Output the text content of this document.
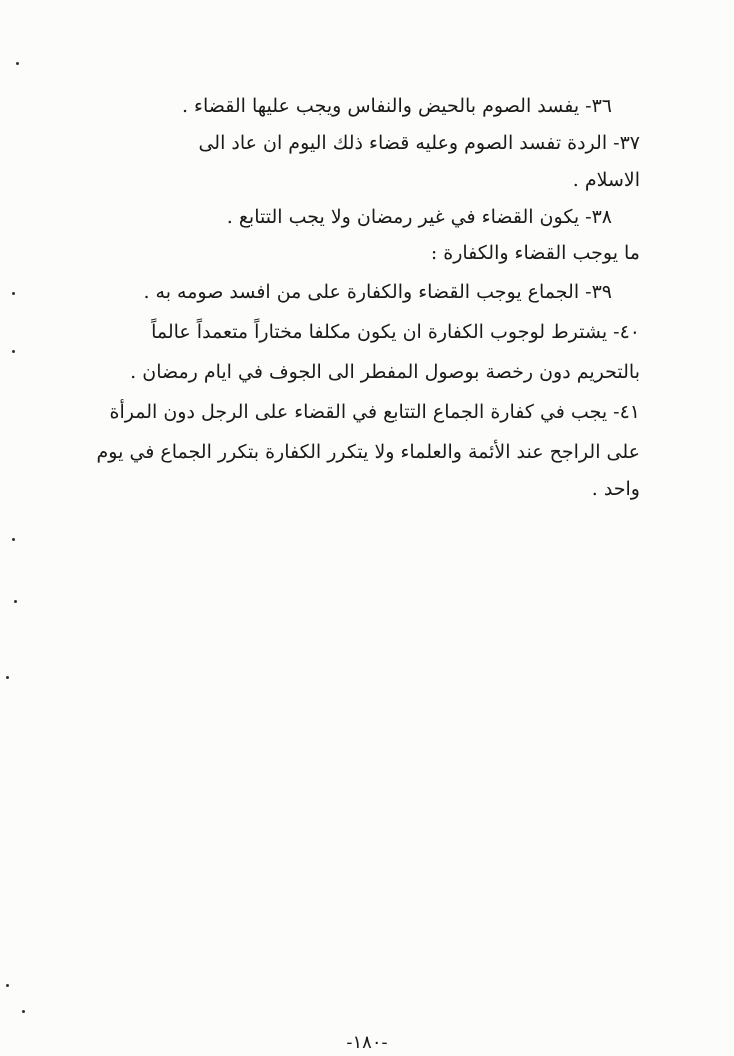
٣٦- يفسد الصوم بالحيض والنفاس ويجب عليها القضاء .
٣٧- الردة تفسد الصوم وعليه قضاء ذلك اليوم ان عاد الى
الاسلام .
٣٨- يكون القضاء في غير رمضان ولا يجب التتابع .
ما يوجب القضاء والكفارة :
٣٩- الجماع يوجب القضاء والكفارة على من افسد صومه به .
٤٠- يشترط لوجوب الكفارة ان يكون مكلفا مختاراً متعمداً عالماً
بالتحريم دون رخصة بوصول المفطر الى الجوف في ايام رمضان .
٤١- يجب في كفارة الجماع التتابع في القضاء على الرجل دون المرأة
على الراجح عند الأئمة والعلماء ولا يتكرر الكفارة بتكرر الجماع في يوم
واحد .
-١٨٠-
